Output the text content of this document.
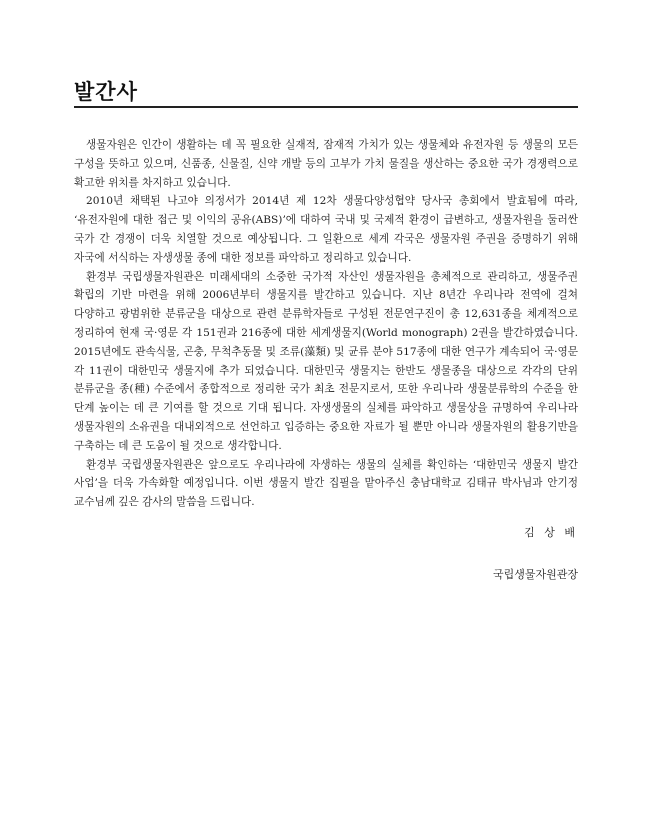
발간사

생물자원은 인간이 생활하는 데 꼭 필요한 실재적, 잠재적 가치가 있는 생물체와 유전자원 등 생물의 모든 구성을 뜻하고 있으며, 신품종, 신물질, 신약 개발 등의 고부가 가치 물질을 생산하는 중요한 국가 경쟁력으로 확고한 위치를 차지하고 있습니다.

2010년 채택된 나고야 의정서가 2014년 제 12차 생물다양성협약 당사국 총회에서 발효됨에 따라, ‘유전자원에 대한 접근 및 이익의 공유(ABS)’에 대하여 국내 및 국제적 환경이 급변하고, 생물자원을 둘러싼 국가 간 경쟁이 더욱 치열할 것으로 예상됩니다. 그 일환으로 세계 각국은 생물자원 주권을 증명하기 위해 자국에 서식하는 자생생물 종에 대한 정보를 파악하고 정리하고 있습니다.

환경부 국립생물자원관은 미래세대의 소중한 국가적 자산인 생물자원을 총체적으로 관리하고, 생물주권 확립의 기반 마련을 위해 2006년부터 생물지를 발간하고 있습니다. 지난 8년간 우리나라 전역에 걸쳐 다양하고 광범위한 분류군을 대상으로 관련 분류학자들로 구성된 전문연구진이 총 12,631종을 체계적으로 정리하여 현재 국·영문 각 151권과 216종에 대한 세계생물지(World monograph) 2권을 발간하였습니다. 2015년에도 관속식물, 곤충, 무척추동물 및 조류(藻類) 및 균류 분야 517종에 대한 연구가 계속되어 국·영문 각 11권이 대한민국 생물지에 추가 되었습니다. 대한민국 생물지는 한반도 생물종을 대상으로 각각의 단위 분류군을 종(種) 수준에서 종합적으로 정리한 국가 최초 전문지로서, 또한 우리나라 생물분류학의 수준을 한 단계 높이는 데 큰 기여를 할 것으로 기대 됩니다. 자생생물의 실체를 파악하고 생물상을 규명하여 우리나라 생물자원의 소유권을 대내외적으로 선언하고 입증하는 중요한 자료가 될 뿐만 아니라 생물자원의 활용기반을 구축하는 데 큰 도움이 될 것으로 생각합니다.

환경부 국립생물자원관은 앞으로도 우리나라에 자생하는 생물의 실체를 확인하는 ‘대한민국 생물지 발간 사업’을 더욱 가속화할 예정입니다. 이번 생물지 발간 집필을 맡아주신 충남대학교 김태규 박사님과 안기정 교수님께 깊은 감사의 말씀을 드립니다.

김 상 배

국립생물자원관장
